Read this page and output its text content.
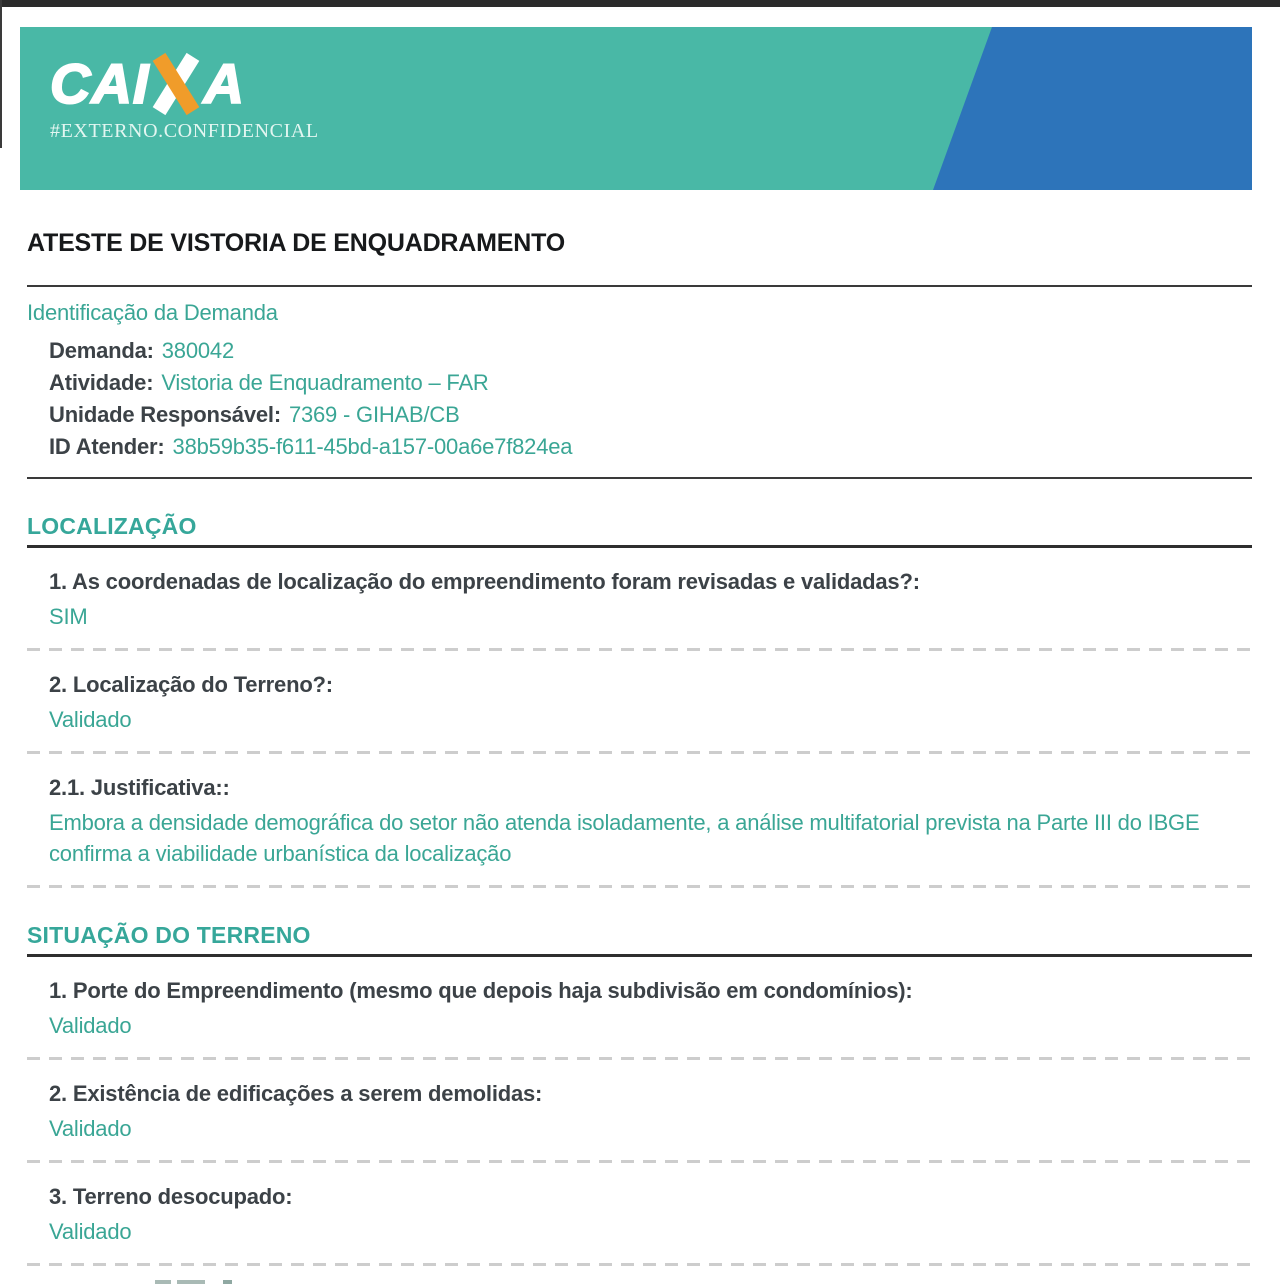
CAI A
#EXTERNO.CONFIDENCIAL
ATESTE DE VISTORIA DE ENQUADRAMENTO
Identificação da Demanda
Demanda: 380042
Atividade: Vistoria de Enquadramento – FAR
Unidade Responsável: 7369 - GIHAB/CB
ID Atender: 38b59b35-f611-45bd-a157-00a6e7f824ea
LOCALIZAÇÃO
1. As coordenadas de localização do empreendimento foram revisadas e validadas?:
SIM
2. Localização do Terreno?:
Validado
2.1. Justificativa::
Embora a densidade demográfica do setor não atenda isoladamente, a análise multifatorial prevista na Parte III do IBGE confirma a viabilidade urbanística da localização
SITUAÇÃO DO TERRENO
1. Porte do Empreendimento (mesmo que depois haja subdivisão em condomínios):
Validado
2. Existência de edificações a serem demolidas:
Validado
3. Terreno desocupado:
Validado
